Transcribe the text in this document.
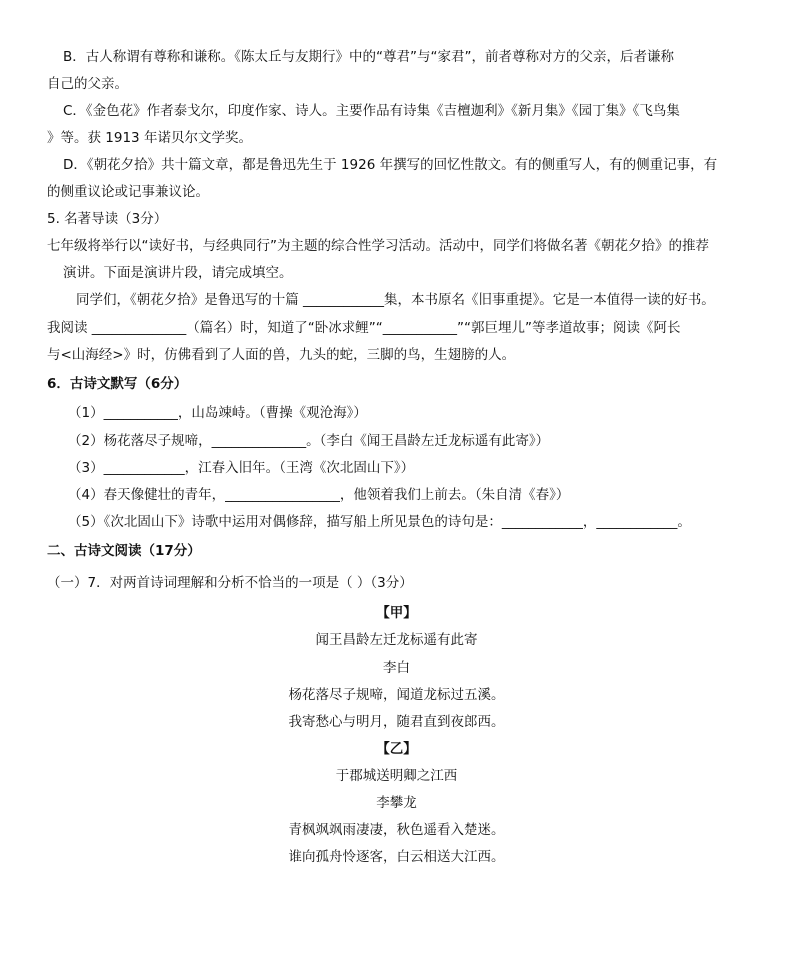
B．古人称谓有尊称和谦称。《陈太丘与友期行》中的“尊君”与“家君”，前者尊称对方的父亲，后者谦称
自己的父亲。
C．《金色花》作者泰戈尔，印度作家、诗人。主要作品有诗集《吉檀迦利》《新月集》《园丁集》《飞鸟集
》等。获 1913 年诺贝尔文学奖。
D．《朝花夕拾》共十篇文章，都是鲁迅先生于 1926 年撰写的回忆性散文。有的侧重写人，有的侧重记事，有
的侧重议论或记事兼议论。
5. 名著导读（3分）
七年级将举行以“读好书，与经典同行”为主题的综合性学习活动。活动中，同学们将做名著《朝花夕拾》的推荐
演讲。下面是演讲片段，请完成填空。
同学们，《朝花夕拾》是鲁迅写的十篇 ____________集，本书原名《旧事重提》。它是一本值得一读的好书。
我阅读 ______________（篇名）时，知道了“卧冰求鲤”“___________”“郭巨埋儿”等孝道故事；阅读《阿长
与<山海经>》时，仿佛看到了人面的兽，九头的蛇，三脚的鸟，生翅膀的人。
6．古诗文默写（6分）
（1）___________，山岛竦峙。（曹操《观沧海》）
（2）杨花落尽子规啼，______________。（李白《闻王昌龄左迁龙标遥有此寄》）
（3）____________，江春入旧年。（王湾《次北固山下》）
（4）春天像健壮的青年，_________________，他领着我们上前去。（朱自清《春》）
（5）《次北固山下》诗歌中运用对偶修辞，描写船上所见景色的诗句是：____________，____________。
二、古诗文阅读（17分）
（一）7．对两首诗词理解和分析不恰当的一项是（ ）（3分）
【甲】
闻王昌龄左迁龙标遥有此寄
李白
杨花落尽子规啼，闻道龙标过五溪。
我寄愁心与明月，随君直到夜郎西。
【乙】
于郡城送明卿之江西
李攀龙
青枫飒飒雨凄凄，秋色遥看入楚迷。
谁向孤舟怜逐客，白云相送大江西。
